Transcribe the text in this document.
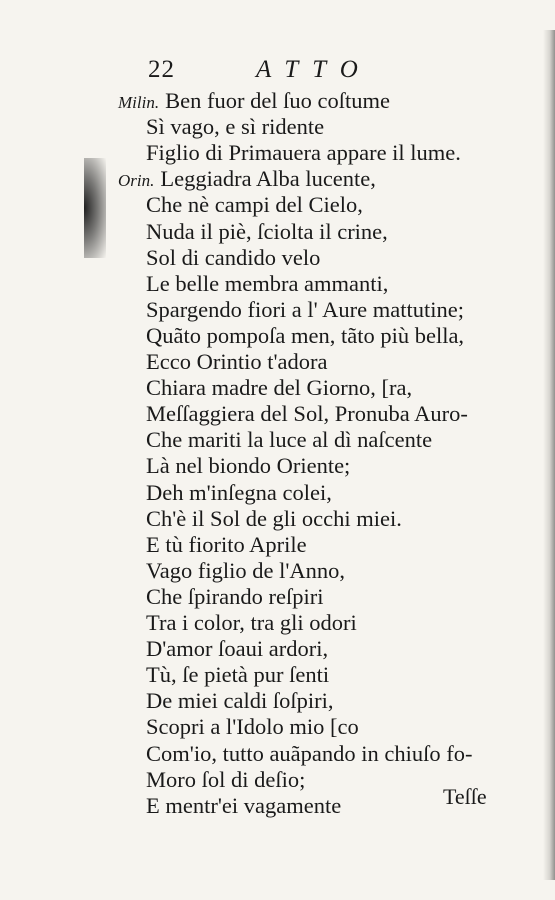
22	ATTO
Milin. Ben fuor del ſuo coſtume
Sì vago, e sì ridente
Figlio di Primauera appare il lume.
Orin. Leggiadra Alba lucente,
Che nè campi del Cielo,
Nuda il piè, ſciolta il crine,
Sol di candido velo
Le belle membra ammanti,
Spargendo fiori a l' Aure mattutine;
Quãto pompoſa men, tãto più bella,
Ecco Orintio t'adora
Chiara madre del Giorno, [ra,
Meſſaggiera del Sol, Pronuba Auro-
Che mariti la luce al dì naſcente
Là nel biondo Oriente;
Deh m'inſegna colei,
Ch'è il Sol de gli occhi miei.
E tù fiorito Aprile
Vago figlio de l'Anno,
Che ſpirando reſpiri
Tra i color, tra gli odori
D'amor ſoaui ardori,
Tù, ſe pietà pur ſenti
De miei caldi ſoſpiri,
Scopri a l'Idolo mio [co
Com'io, tutto auãpando in chiuſo fo-
Moro ſol di deſio;
E mentr'ei vagamente	Teſſe
